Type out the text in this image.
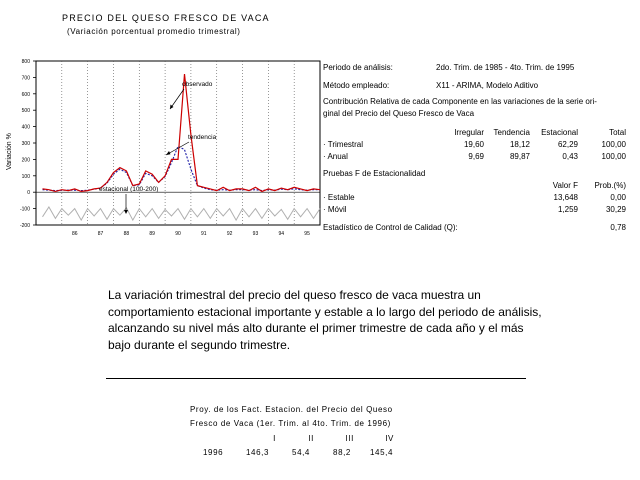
PRECIO DEL QUESO FRESCO DE VACA
(Variación porcentual promedio trimestral)
Variación %
-200
-100
0
100
200
300
400
500
600
700
800
86	87	88	89	90	91	92	93	94	95
observado
tendencia
estacional (100-200)
Periodo de análisis:	2do. Trim. de 1985 - 4to. Trim. de 1995
Método empleado:	X11 - ARIMA, Modelo Aditivo
Contribución Relativa de cada Componente en las variaciones de la serie ori-
ginal del Precio del Queso Fresco de Vaca
Irregular	Tendencia	Estacional	Total
· Trimestral	19,60	18,12	62,29	100,00
· Anual	9,69	89,87	0,43	100,00
Pruebas F de Estacionalidad
Valor F	Prob.(%)
· Estable	13,648	0,00
· Móvil	1,259	30,29
Estadístico de Control de Calidad (Q):	0,78
La variación trimestral del precio del queso fresco de vaca muestra un comportamiento estacional importante y estable a lo largo del periodo de análisis, alcanzando su nivel más alto durante el primer trimestre de cada año y el más bajo durante el segundo trimestre.
Proy. de los Fact. Estacion. del Precio del Queso
Fresco de Vaca (1er. Trim. al 4to. Trim. de 1996)
I	II	III	IV
1996	146,3	54,4	88,2	145,4
